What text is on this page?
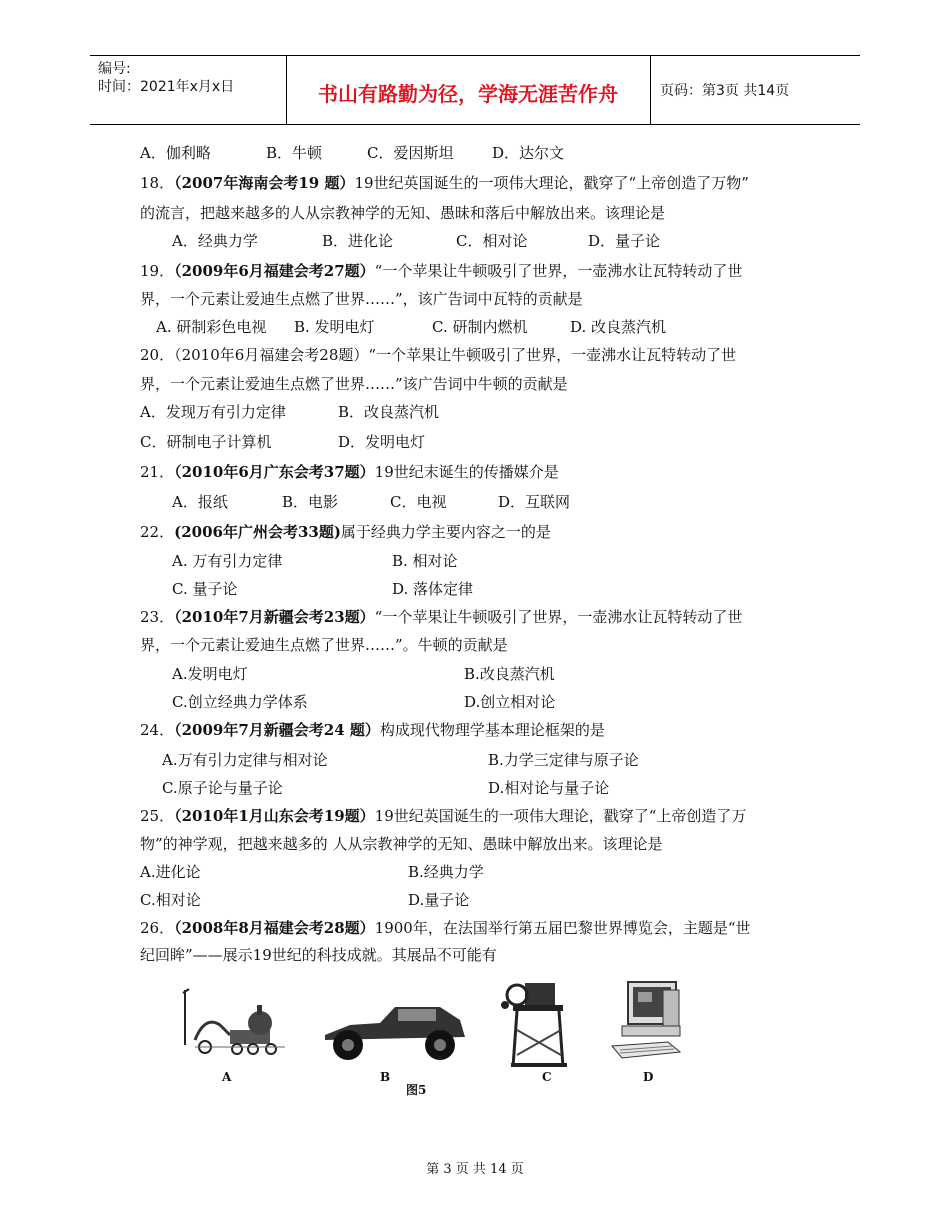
编号:
时间：2021年x月x日	书山有路勤为径，学海无涯苦作舟	页码：第3页 共14页
A．伽利略	B．牛顿	C．爱因斯坦	D．达尔文
18．（2007年海南会考19 题）19世纪英国诞生的一项伟大理论，戳穿了“上帝创造了万物”
的流言，把越来越多的人从宗教神学的无知、愚昧和落后中解放出来。该理论是
A．经典力学	B．进化论	C．相对论	D．量子论
19．（2009年6月福建会考27题）“一个苹果让牛顿吸引了世界，一壶沸水让瓦特转动了世
界，一个元素让爱迪生点燃了世界……”，该广告词中瓦特的贡献是
A. 研制彩色电视 B. 发明电灯	C. 研制内燃机	D. 改良蒸汽机
20．（2010年6月福建会考28题）“一个苹果让牛顿吸引了世界，一壶沸水让瓦特转动了世
界，一个元素让爱迪生点燃了世界……”该广告词中牛顿的贡献是
A．发现万有引力定律	B．改良蒸汽机
C．研制电子计算机	D．发明电灯
21．（2010年6月广东会考37题）19世纪末诞生的传播媒介是
A．报纸	B．电影	C．电视	D．互联网
22．(2006年广州会考33题)属于经典力学主要内容之一的是
A. 万有引力定律	B. 相对论
C. 量子论	D. 落体定律
23．（2010年7月新疆会考23题）“一个苹果让牛顿吸引了世界，一壶沸水让瓦特转动了世
界，一个元素让爱迪生点燃了世界……”。牛顿的贡献是
A.发明电灯	B.改良蒸汽机
C.创立经典力学体系	D.创立相对论
24．（2009年7月新疆会考24 题）构成现代物理学基本理论框架的是
A.万有引力定律与相对论	B.力学三定律与原子论
C.原子论与量子论	D.相对论与量子论
25．（2010年1月山东会考19题）19世纪英国诞生的一项伟大理论，戳穿了“上帝创造了万
物”的神学观，把越来越多的 人从宗教神学的无知、愚昧中解放出来。该理论是
A.进化论	B.经典力学
C.相对论	D.量子论
26．（2008年8月福建会考28题）1900年，在法国举行第五届巴黎世界博览会，主题是“世
纪回眸”——展示19世纪的科技成就。其展品不可能有
A	B	C	D
图5
第 3 页 共 14 页
